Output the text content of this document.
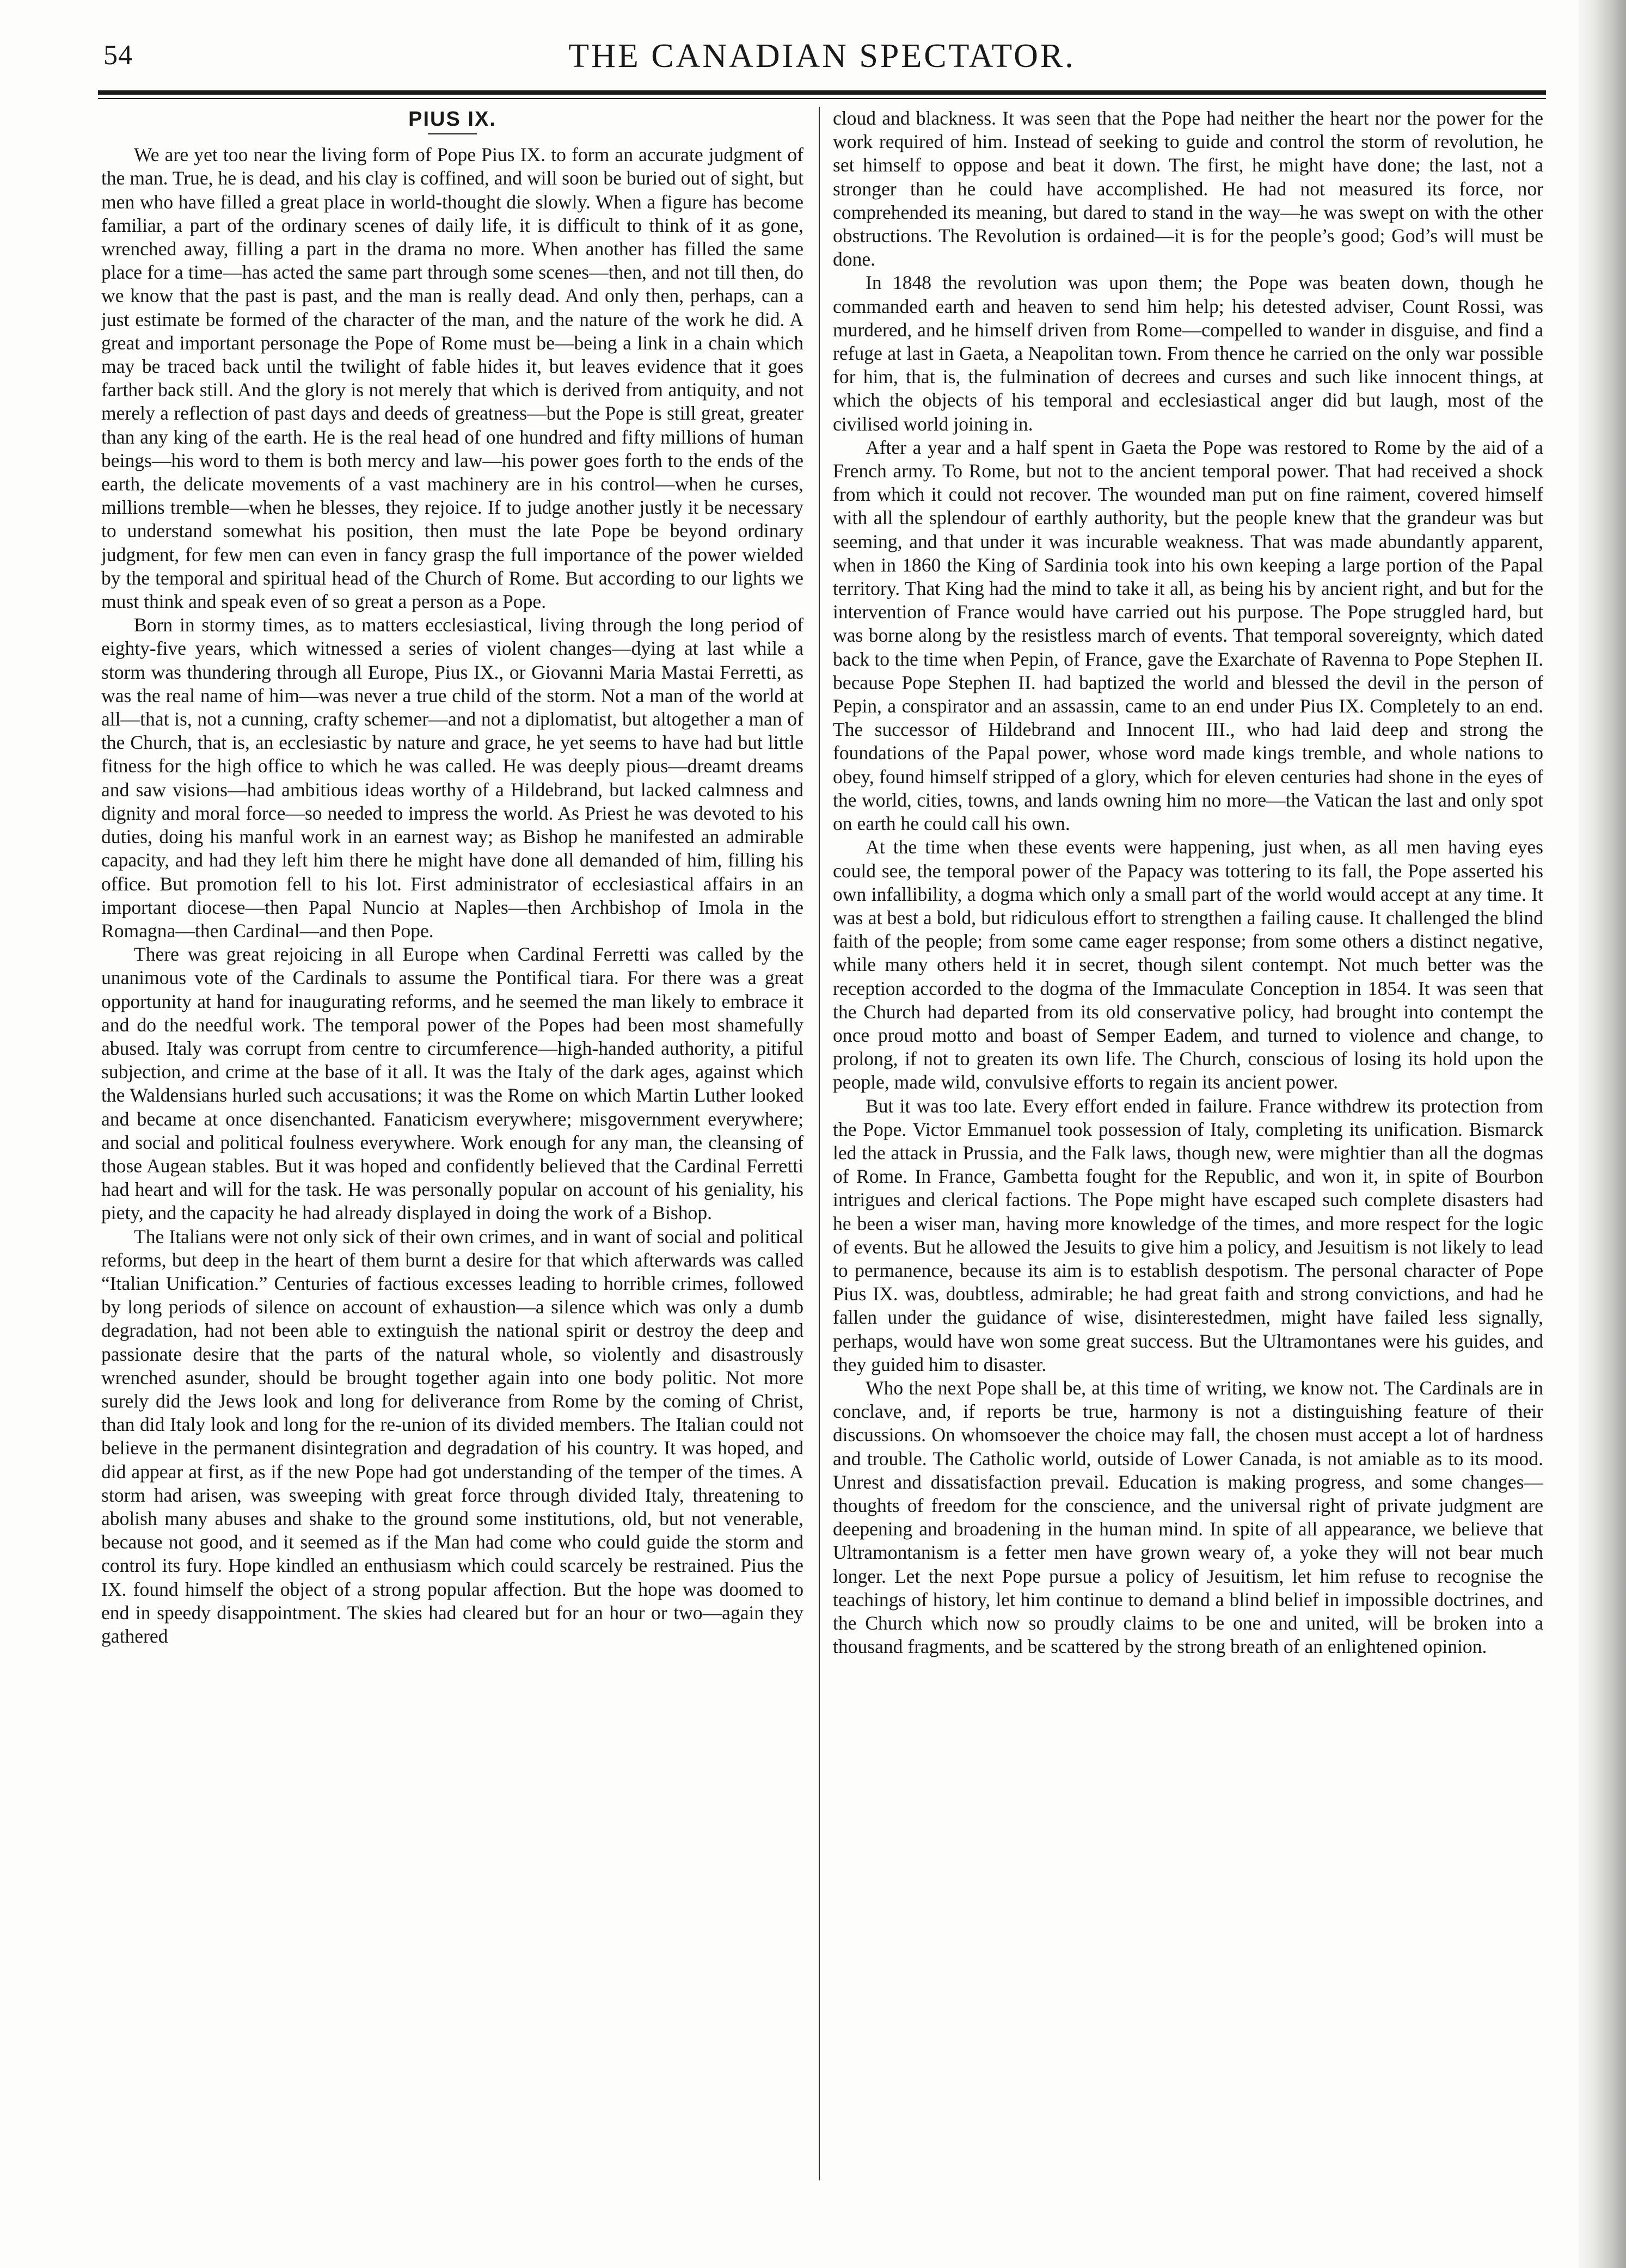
54	THE CANADIAN SPECTATOR.
PIUS IX.

We are yet too near the living form of Pope Pius IX. to form an accurate judgment of the man. True, he is dead, and his clay is coffined, and will soon be buried out of sight, but men who have filled a great place in world-thought die slowly. When a figure has become familiar, a part of the ordinary scenes of daily life, it is difficult to think of it as gone, wrenched away, filling a part in the drama no more. When another has filled the same place for a time—has acted the same part through some scenes—then, and not till then, do we know that the past is past, and the man is really dead. And only then, perhaps, can a just estimate be formed of the character of the man, and the nature of the work he did. A great and important personage the Pope of Rome must be—being a link in a chain which may be traced back until the twilight of fable hides it, but leaves evidence that it goes farther back still. And the glory is not merely that which is derived from antiquity, and not merely a reflection of past days and deeds of greatness—but the Pope is still great, greater than any king of the earth. He is the real head of one hundred and fifty millions of human beings—his word to them is both mercy and law—his power goes forth to the ends of the earth, the delicate movements of a vast machinery are in his control—when he curses, millions tremble—when he blesses, they rejoice. If to judge another justly it be necessary to understand somewhat his position, then must the late Pope be beyond ordinary judgment, for few men can even in fancy grasp the full importance of the power wielded by the temporal and spiritual head of the Church of Rome. But according to our lights we must think and speak even of so great a person as a Pope.

Born in stormy times, as to matters ecclesiastical, living through the long period of eighty-five years, which witnessed a series of violent changes—dying at last while a storm was thundering through all Europe, Pius IX., or Giovanni Maria Mastai Ferretti, as was the real name of him—was never a true child of the storm. Not a man of the world at all—that is, not a cunning, crafty schemer—and not a diplomatist, but altogether a man of the Church, that is, an ecclesiastic by nature and grace, he yet seems to have had but little fitness for the high office to which he was called. He was deeply pious—dreamt dreams and saw visions—had ambitious ideas worthy of a Hildebrand, but lacked calmness and dignity and moral force—so needed to impress the world. As Priest he was devoted to his duties, doing his manful work in an earnest way; as Bishop he manifested an admirable capacity, and had they left him there he might have done all demanded of him, filling his office. But promotion fell to his lot. First administrator of ecclesiastical affairs in an important diocese—then Papal Nuncio at Naples—then Archbishop of Imola in the Romagna—then Cardinal—and then Pope.

There was great rejoicing in all Europe when Cardinal Ferretti was called by the unanimous vote of the Cardinals to assume the Pontifical tiara. For there was a great opportunity at hand for inaugurating reforms, and he seemed the man likely to embrace it and do the needful work. The temporal power of the Popes had been most shamefully abused. Italy was corrupt from centre to circumference—high-handed authority, a pitiful subjection, and crime at the base of it all. It was the Italy of the dark ages, against which the Waldensians hurled such accusations; it was the Rome on which Martin Luther looked and became at once disenchanted. Fanaticism everywhere; misgovernment everywhere; and social and political foulness everywhere. Work enough for any man, the cleansing of those Augean stables. But it was hoped and confidently believed that the Cardinal Ferretti had heart and will for the task. He was personally popular on account of his geniality, his piety, and the capacity he had already displayed in doing the work of a Bishop.

The Italians were not only sick of their own crimes, and in want of social and political reforms, but deep in the heart of them burnt a desire for that which afterwards was called “Italian Unification.” Centuries of factious excesses leading to horrible crimes, followed by long periods of silence on account of exhaustion—a silence which was only a dumb degradation, had not been able to extinguish the national spirit or destroy the deep and passionate desire that the parts of the natural whole, so violently and disastrously wrenched asunder, should be brought together again into one body politic. Not more surely did the Jews look and long for deliverance from Rome by the coming of Christ, than did Italy look and long for the re-union of its divided members. The Italian could not believe in the permanent disintegration and degradation of his country. It was hoped, and did appear at first, as if the new Pope had got understanding of the temper of the times. A storm had arisen, was sweeping with great force through divided Italy, threatening to abolish many abuses and shake to the ground some institutions, old, but not venerable, because not good, and it seemed as if the Man had come who could guide the storm and control its fury. Hope kindled an enthusiasm which could scarcely be restrained. Pius the IX. found himself the object of a strong popular affection. But the hope was doomed to end in speedy disappointment. The skies had cleared but for an hour or two—again they gathered

cloud and blackness. It was seen that the Pope had neither the heart nor the power for the work required of him. Instead of seeking to guide and control the storm of revolution, he set himself to oppose and beat it down. The first, he might have done; the last, not a stronger than he could have accomplished. He had not measured its force, nor comprehended its meaning, but dared to stand in the way—he was swept on with the other obstructions. The Revolution is ordained—it is for the people’s good; God’s will must be done.

In 1848 the revolution was upon them; the Pope was beaten down, though he commanded earth and heaven to send him help; his detested adviser, Count Rossi, was murdered, and he himself driven from Rome—compelled to wander in disguise, and find a refuge at last in Gaeta, a Neapolitan town. From thence he carried on the only war possible for him, that is, the fulmination of decrees and curses and such like innocent things, at which the objects of his temporal and ecclesiastical anger did but laugh, most of the civilised world joining in.

After a year and a half spent in Gaeta the Pope was restored to Rome by the aid of a French army. To Rome, but not to the ancient temporal power. That had received a shock from which it could not recover. The wounded man put on fine raiment, covered himself with all the splendour of earthly authority, but the people knew that the grandeur was but seeming, and that under it was incurable weakness. That was made abundantly apparent, when in 1860 the King of Sardinia took into his own keeping a large portion of the Papal territory. That King had the mind to take it all, as being his by ancient right, and but for the intervention of France would have carried out his purpose. The Pope struggled hard, but was borne along by the resistless march of events. That temporal sovereignty, which dated back to the time when Pepin, of France, gave the Exarchate of Ravenna to Pope Stephen II. because Pope Stephen II. had baptized the world and blessed the devil in the person of Pepin, a conspirator and an assassin, came to an end under Pius IX. Completely to an end. The successor of Hildebrand and Innocent III., who had laid deep and strong the foundations of the Papal power, whose word made kings tremble, and whole nations to obey, found himself stripped of a glory, which for eleven centuries had shone in the eyes of the world, cities, towns, and lands owning him no more—the Vatican the last and only spot on earth he could call his own.

At the time when these events were happening, just when, as all men having eyes could see, the temporal power of the Papacy was tottering to its fall, the Pope asserted his own infallibility, a dogma which only a small part of the world would accept at any time. It was at best a bold, but ridiculous effort to strengthen a failing cause. It challenged the blind faith of the people; from some came eager response; from some others a distinct negative, while many others held it in secret, though silent contempt. Not much better was the reception accorded to the dogma of the Immaculate Conception in 1854. It was seen that the Church had departed from its old conservative policy, had brought into contempt the once proud motto and boast of Semper Eadem, and turned to violence and change, to prolong, if not to greaten its own life. The Church, conscious of losing its hold upon the people, made wild, convulsive efforts to regain its ancient power.

But it was too late. Every effort ended in failure. France withdrew its protection from the Pope. Victor Emmanuel took possession of Italy, completing its unification. Bismarck led the attack in Prussia, and the Falk laws, though new, were mightier than all the dogmas of Rome. In France, Gambetta fought for the Republic, and won it, in spite of Bourbon intrigues and clerical factions. The Pope might have escaped such complete disasters had he been a wiser man, having more knowledge of the times, and more respect for the logic of events. But he allowed the Jesuits to give him a policy, and Jesuitism is not likely to lead to permanence, because its aim is to establish despotism. The personal character of Pope Pius IX. was, doubtless, admirable; he had great faith and strong convictions, and had he fallen under the guidance of wise, disinterestedmen, might have failed less signally, perhaps, would have won some great success. But the Ultramontanes were his guides, and they guided him to disaster.

Who the next Pope shall be, at this time of writing, we know not. The Cardinals are in conclave, and, if reports be true, harmony is not a distinguishing feature of their discussions. On whomsoever the choice may fall, the chosen must accept a lot of hardness and trouble. The Catholic world, outside of Lower Canada, is not amiable as to its mood. Unrest and dissatisfaction prevail. Education is making progress, and some changes—thoughts of freedom for the conscience, and the universal right of private judgment are deepening and broadening in the human mind. In spite of all appearance, we believe that Ultramontanism is a fetter men have grown weary of, a yoke they will not bear much longer. Let the next Pope pursue a policy of Jesuitism, let him refuse to recognise the teachings of history, let him continue to demand a blind belief in impossible doctrines, and the Church which now so proudly claims to be one and united, will be broken into a thousand fragments, and be scattered by the strong breath of an enlightened opinion.
